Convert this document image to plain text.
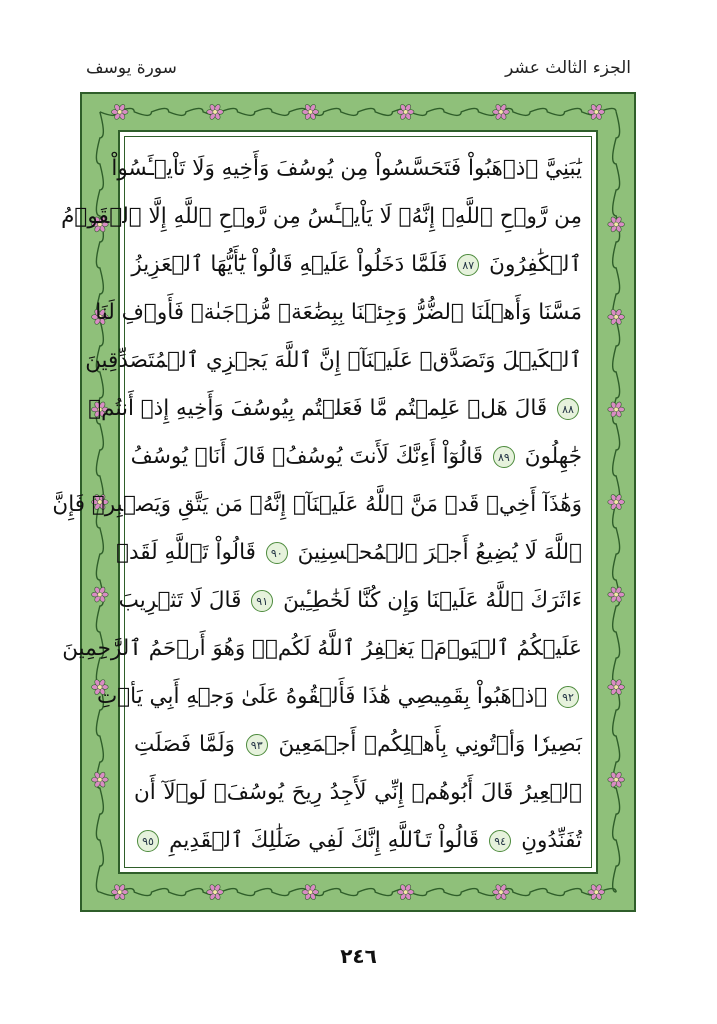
الجزء الثالث عشر
سورة يوسف
يَٰبَنِيَّ ٱذۡهَبُواْ فَتَحَسَّسُواْ مِن يُوسُفَ وَأَخِيهِ وَلَا تَاْيۡـَٔسُواْ
مِن رَّوۡحِ ٱللَّهِۖ إِنَّهُۥ لَا يَاْيۡـَٔسُ مِن رَّوۡحِ ٱللَّهِ إِلَّا ٱلۡقَوۡمُ
ٱلۡكَٰفِرُونَ ٨٧ فَلَمَّا دَخَلُواْ عَلَيۡهِ قَالُواْ يَٰٓأَيُّهَا ٱلۡعَزِيزُ
مَسَّنَا وَأَهۡلَنَا ٱلضُّرُّ وَجِئۡنَا بِبِضَٰعَةٖ مُّزۡجَىٰةٖ فَأَوۡفِ لَنَا
ٱلۡكَيۡلَ وَتَصَدَّقۡ عَلَيۡنَآۖ إِنَّ ٱللَّهَ يَجۡزِي ٱلۡمُتَصَدِّقِينَ
٨٨ قَالَ هَلۡ عَلِمۡتُم مَّا فَعَلۡتُم بِيُوسُفَ وَأَخِيهِ إِذۡ أَنتُمۡ
جَٰهِلُونَ ٨٩ قَالُوٓاْ أَءِنَّكَ لَأَنتَ يُوسُفُۖ قَالَ أَنَا۠ يُوسُفُ
وَهَٰذَآ أَخِيۖ قَدۡ مَنَّ ٱللَّهُ عَلَيۡنَآۖ إِنَّهُۥ مَن يَتَّقِ وَيَصۡبِرۡ فَإِنَّ
ٱللَّهَ لَا يُضِيعُ أَجۡرَ ٱلۡمُحۡسِنِينَ ٩٠ قَالُواْ تَٱللَّهِ لَقَدۡ
ءَاثَرَكَ ٱللَّهُ عَلَيۡنَا وَإِن كُنَّا لَخَٰطِـِٔينَ ٩١ قَالَ لَا تَثۡرِيبَ
عَلَيۡكُمُ ٱلۡيَوۡمَۖ يَغۡفِرُ ٱللَّهُ لَكُمۡۖ وَهُوَ أَرۡحَمُ ٱلرَّٰحِمِينَ
٩٢ ٱذۡهَبُواْ بِقَمِيصِي هَٰذَا فَأَلۡقُوهُ عَلَىٰ وَجۡهِ أَبِي يَأۡتِ
بَصِيرٗا وَأۡتُونِي بِأَهۡلِكُمۡ أَجۡمَعِينَ ٩٣ وَلَمَّا فَصَلَتِ
ٱلۡعِيرُ قَالَ أَبُوهُمۡ إِنِّي لَأَجِدُ رِيحَ يُوسُفَۖ لَوۡلَآ أَن
تُفَنِّدُونِ ٩٤ قَالُواْ تَٱللَّهِ إِنَّكَ لَفِي ضَلَٰلِكَ ٱلۡقَدِيمِ ٩٥
٢٤٦
